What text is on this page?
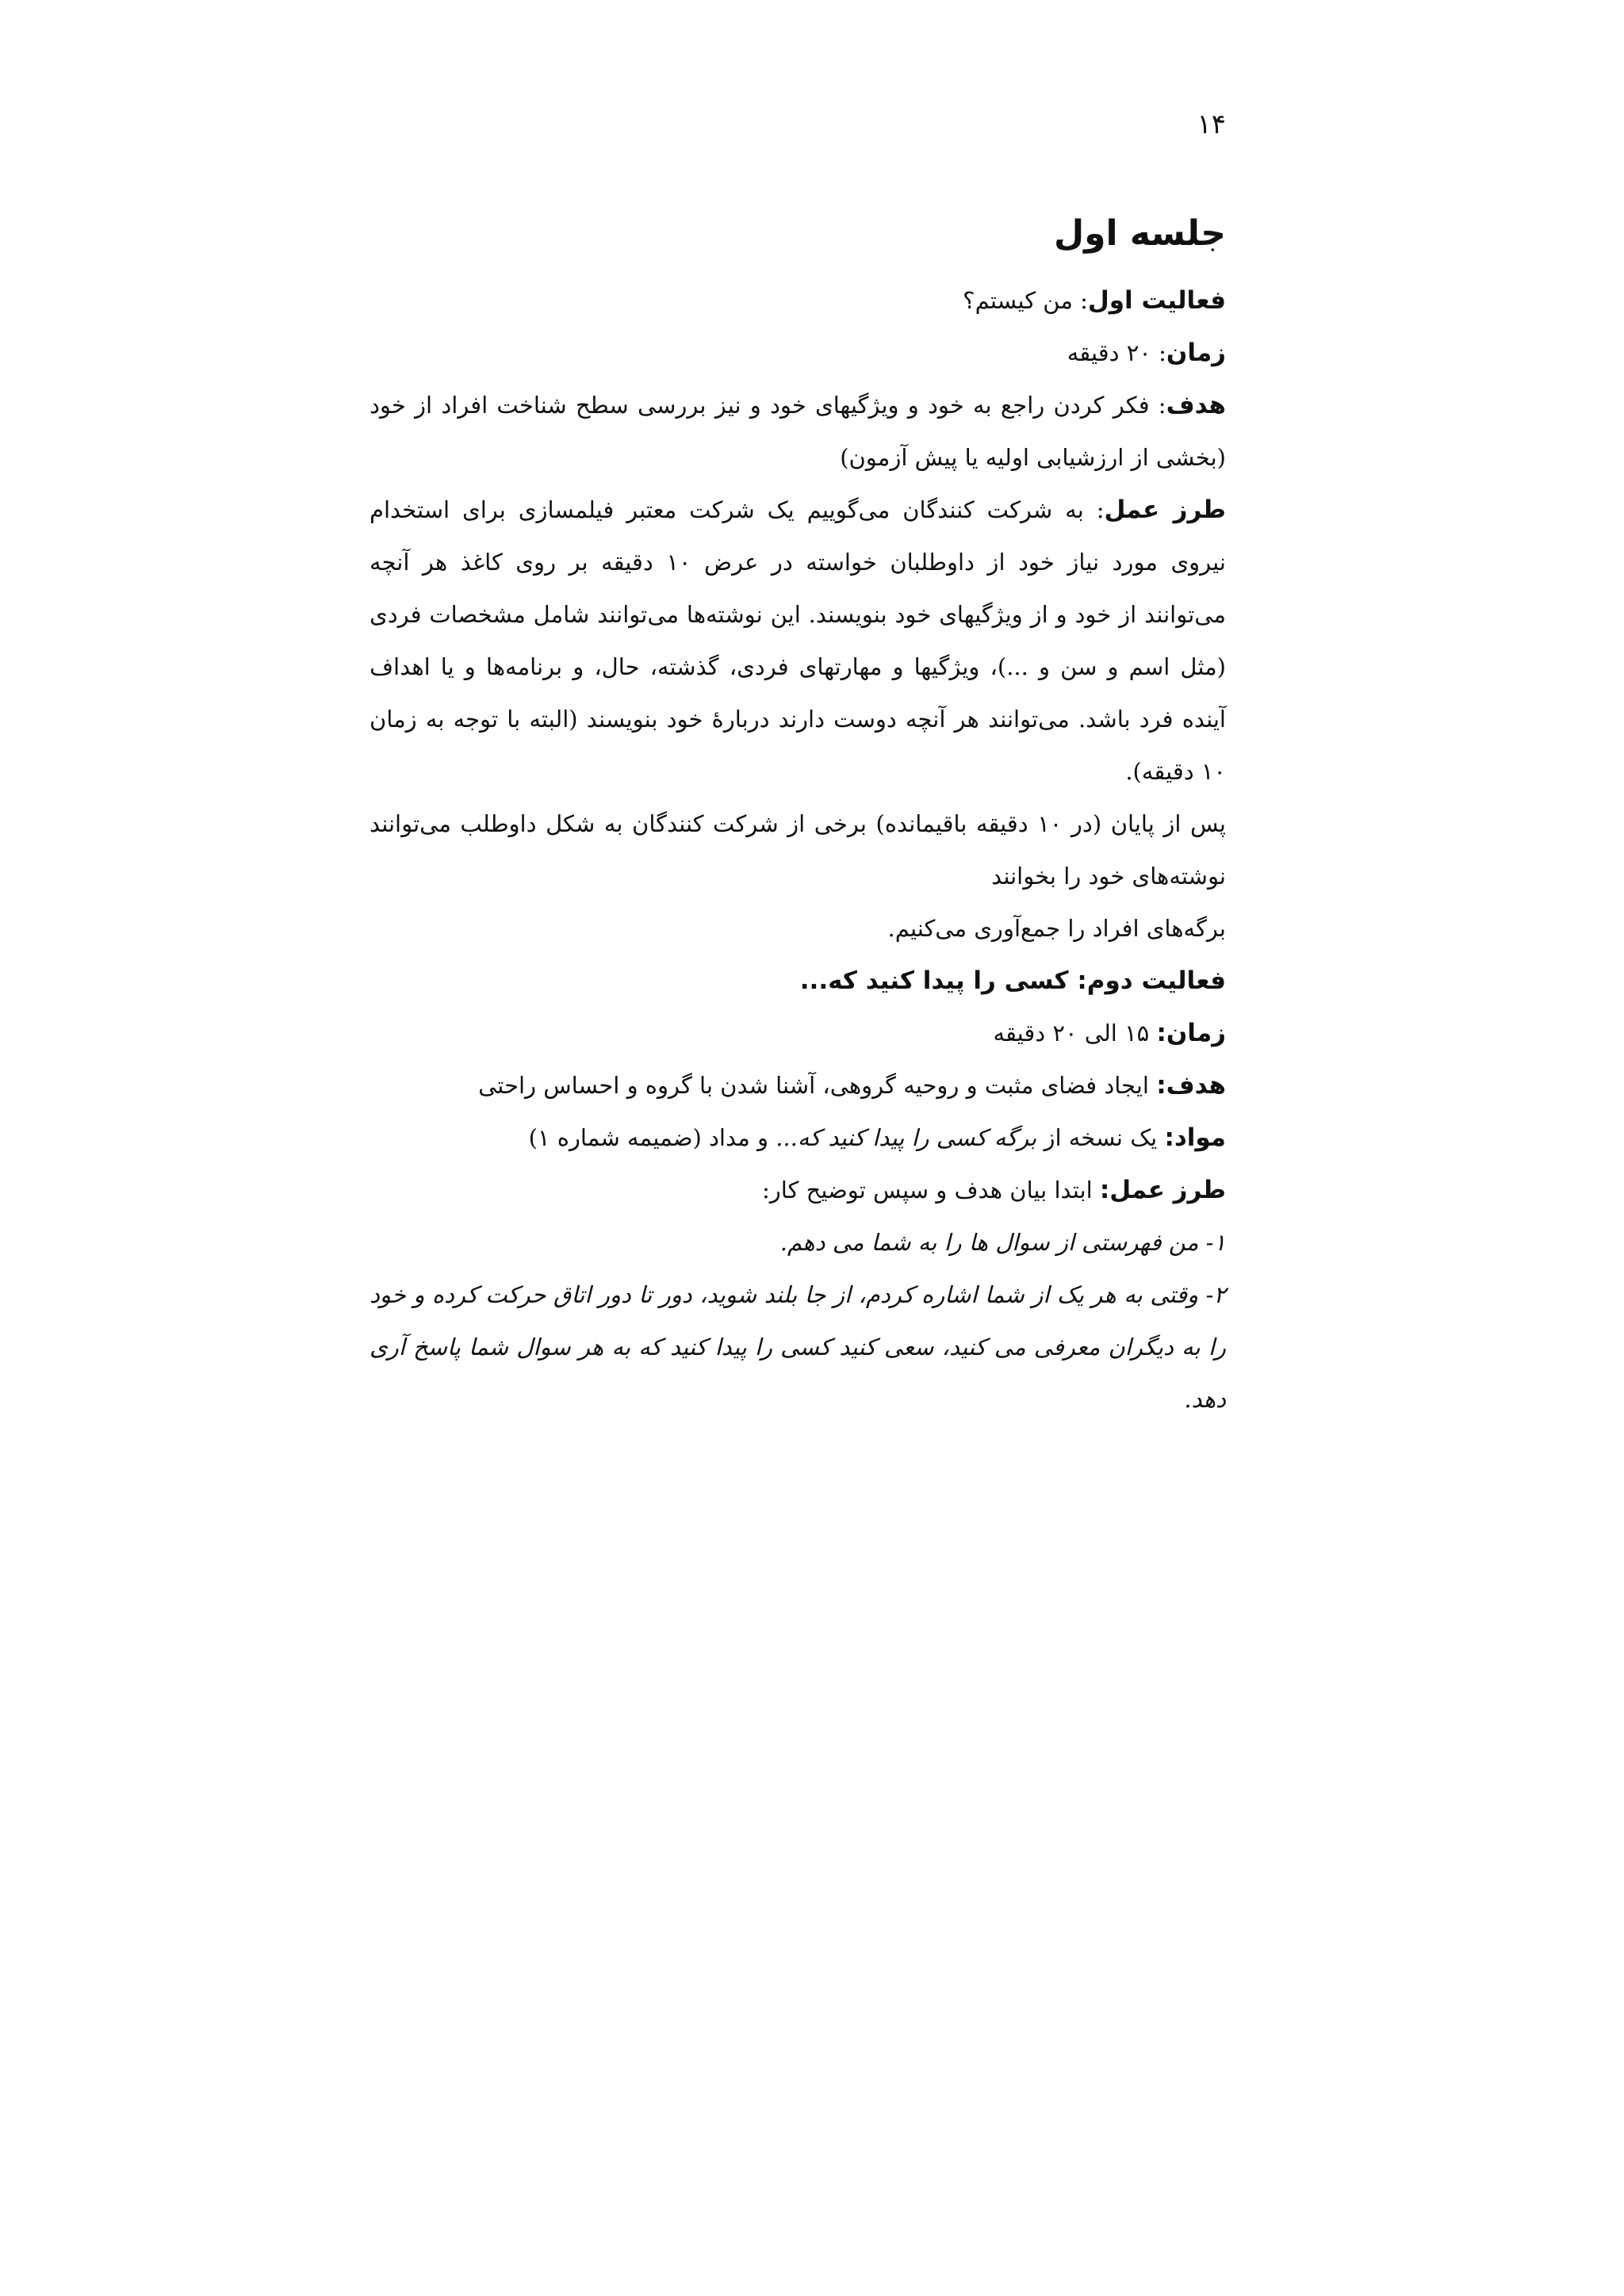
۱۴
جلسه اول

فعالیت اول: من کیستم؟

زمان: ۲۰ دقیقه

هدف: فکر کردن راجع به خود و ویژگیهای خود و نیز بررسی سطح شناخت افراد از خود (بخشی از ارزشیابی اولیه یا پیش آزمون)

طرز عمل: به شرکت کنندگان می‌گوییم یک شرکت معتبر فیلمسازی برای استخدام نیروی مورد نیاز خود از داوطلبان خواسته در عرض ۱۰ دقیقه بر روی کاغذ هر آنچه می‌توانند از خود و از ویژگیهای خود بنویسند. این نوشته‌ها می‌توانند شامل مشخصات فردی (مثل اسم و سن و ...)، ویژگیها و مهارتهای فردی، گذشته، حال، و برنامه‌ها و یا اهداف آینده فرد باشد. می‌توانند هر آنچه دوست دارند دربارهٔ خود بنویسند (البته با توجه به زمان ۱۰ دقیقه).

پس از پایان (در ۱۰ دقیقه باقیمانده) برخی از شرکت کنندگان به شکل داوطلب می‌توانند نوشته‌های خود را بخوانند

برگه‌های افراد را جمع‌آوری می‌کنیم.

فعالیت دوم: کسی را پیدا کنید که...

زمان: ۱۵ الی ۲۰ دقیقه

هدف: ایجاد فضای مثبت و روحیه گروهی، آشنا شدن با گروه و احساس راحتی

مواد: یک نسخه از برگه کسی را پیدا کنید که... و مداد (ضمیمه شماره ۱)

طرز عمل: ابتدا بیان هدف و سپس توضیح کار:

۱- من فهرستی از سوال ها را به شما می دهم.

۲- وقتی به هر یک از شما اشاره کردم، از جا بلند شوید، دور تا دور اتاق حرکت کرده و خود را به دیگران معرفی می کنید، سعی کنید کسی را پیدا کنید که به هر سوال شما پاسخ آری دهد.
